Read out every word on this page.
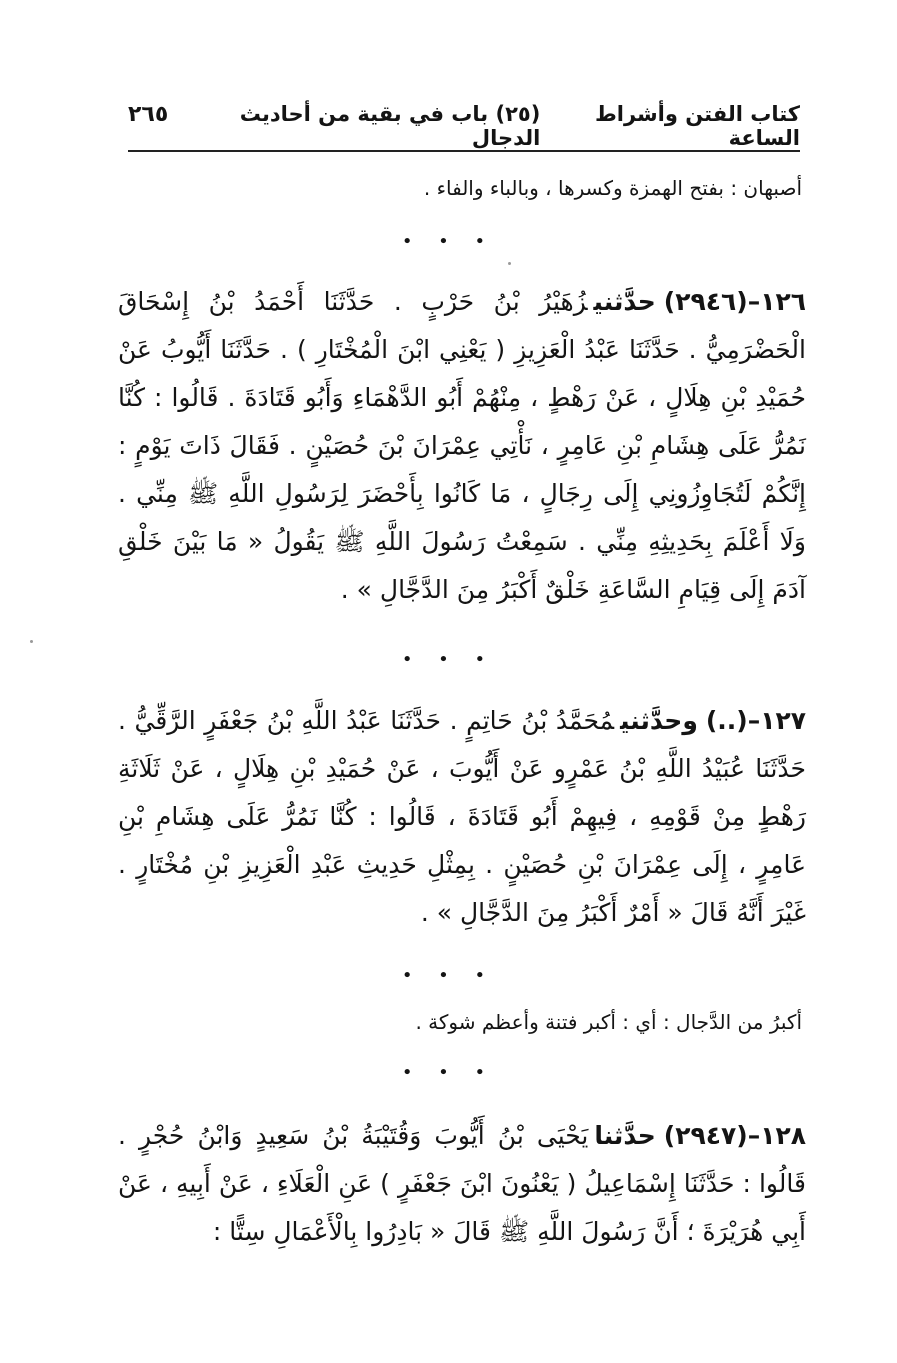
كتاب الفتن وأشراط الساعة
(٢٥) باب في بقية من أحاديث الدجال
٢٦٥
أصبهان : بفتح الهمزة وكسرها ، وبالباء والفاء .
• • •
١٢٦–(٢٩٤٦)حدَّثنيزُهَيْرُ بْنُ حَرْبٍ . حَدَّثَنَا أَحْمَدُ بْنُ إِسْحَاقَ الْحَضْرَمِيُّ . حَدَّثَنَا عَبْدُ الْعَزِيزِ ( يَعْنِي ابْنَ الْمُخْتَارِ ) . حَدَّثَنَا أَيُّوبُ عَنْ حُمَيْدِ بْنِ هِلَالٍ ، عَنْ رَهْطٍ ، مِنْهُمْ أَبُو الدَّهْمَاءِ وَأَبُو قَتَادَةَ . قَالُوا : كُنَّا نَمُرُّ عَلَى هِشَامِ بْنِ عَامِرٍ ، نَأْتِي عِمْرَانَ بْنَ حُصَيْنٍ . فَقَالَ ذَاتَ يَوْمٍ : إِنَّكُمْ لَتُجَاوِزُونِي إِلَى رِجَالٍ ، مَا كَانُوا بِأَحْضَرَ لِرَسُولِ اللَّهِ ﷺ مِنِّي . وَلَا أَعْلَمَ بِحَدِيثِهِ مِنِّي . سَمِعْتُ رَسُولَ اللَّهِ ﷺ يَقُولُ « مَا بَيْنَ خَلْقِ آدَمَ إِلَى قِيَامِ السَّاعَةِ خَلْقٌ أَكْبَرُ مِنَ الدَّجَّالِ » .
• • •
١٢٧–(..)وحدَّثنيمُحَمَّدُ بْنُ حَاتِمٍ . حَدَّثَنَا عَبْدُ اللَّهِ بْنُ جَعْفَرٍ الرَّقِّيُّ . حَدَّثَنَا عُبَيْدُ اللَّهِ بْنُ عَمْرٍو عَنْ أَيُّوبَ ، عَنْ حُمَيْدِ بْنِ هِلَالٍ ، عَنْ ثَلَاثَةِ رَهْطٍ مِنْ قَوْمِهِ ، فِيهِمْ أَبُو قَتَادَةَ ، قَالُوا : كُنَّا نَمُرُّ عَلَى هِشَامِ بْنِ عَامِرٍ ، إِلَى عِمْرَانَ بْنِ حُصَيْنٍ . بِمِثْلِ حَدِيثِ عَبْدِ الْعَزِيزِ بْنِ مُخْتَارٍ . غَيْرَ أَنَّهُ قَالَ « أَمْرٌ أَكْبَرُ مِنَ الدَّجَّالِ » .
• • •
أكبرُ من الدَّجال : أي : أكبر فتنة وأعظم شوكة .
• • •
١٢٨–(٢٩٤٧)حدَّثنايَحْيَى بْنُ أَيُّوبَ وَقُتَيْبَةُ بْنُ سَعِيدٍ وَابْنُ حُجْرٍ . قَالُوا : حَدَّثَنَا إِسْمَاعِيلُ ( يَعْنُونَ ابْنَ جَعْفَرٍ ) عَنِ الْعَلَاءِ ، عَنْ أَبِيهِ ، عَنْ أَبِي هُرَيْرَةَ ؛ أَنَّ رَسُولَ اللَّهِ ﷺ قَالَ « بَادِرُوا بِالْأَعْمَالِ سِتًّا :
